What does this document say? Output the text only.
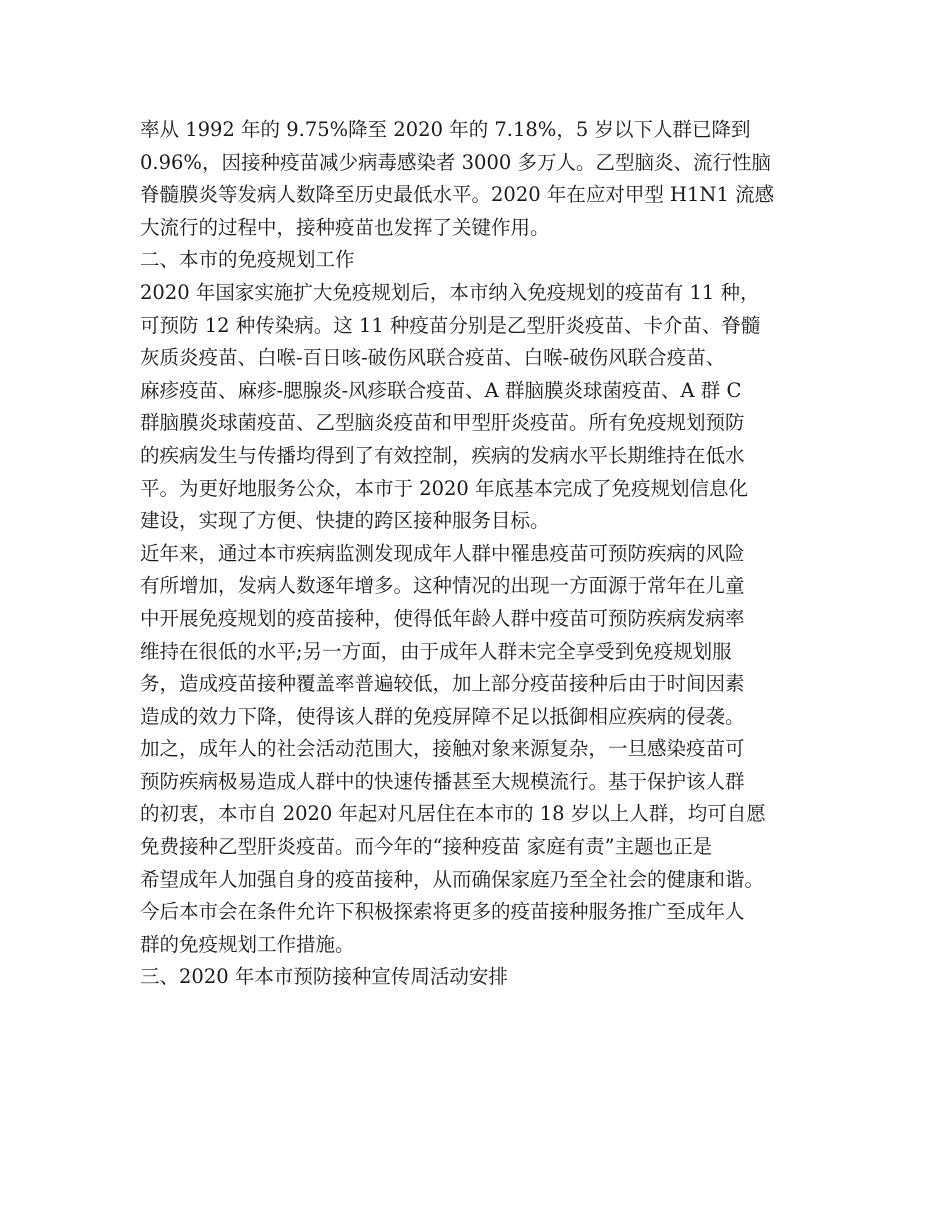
率从 1992 年的 9.75%降至 2020 年的 7.18%，5 岁以下人群已降到
0.96%，因接种疫苗减少病毒感染者 3000 多万人。乙型脑炎、流行性脑
脊髓膜炎等发病人数降至历史最低水平。2020 年在应对甲型 H1N1 流感
大流行的过程中，接种疫苗也发挥了关键作用。
二、本市的免疫规划工作
2020 年国家实施扩大免疫规划后，本市纳入免疫规划的疫苗有 11 种，
可预防 12 种传染病。这 11 种疫苗分别是乙型肝炎疫苗、卡介苗、脊髓
灰质炎疫苗、白喉-百日咳-破伤风联合疫苗、白喉-破伤风联合疫苗、
麻疹疫苗、麻疹-腮腺炎-风疹联合疫苗、A 群脑膜炎球菌疫苗、A 群 C
群脑膜炎球菌疫苗、乙型脑炎疫苗和甲型肝炎疫苗。所有免疫规划预防
的疾病发生与传播均得到了有效控制，疾病的发病水平长期维持在低水
平。为更好地服务公众，本市于 2020 年底基本完成了免疫规划信息化
建设，实现了方便、快捷的跨区接种服务目标。
近年来，通过本市疾病监测发现成年人群中罹患疫苗可预防疾病的风险
有所增加，发病人数逐年增多。这种情况的出现一方面源于常年在儿童
中开展免疫规划的疫苗接种，使得低年龄人群中疫苗可预防疾病发病率
维持在很低的水平;另一方面，由于成年人群未完全享受到免疫规划服
务，造成疫苗接种覆盖率普遍较低，加上部分疫苗接种后由于时间因素
造成的效力下降，使得该人群的免疫屏障不足以抵御相应疾病的侵袭。
加之，成年人的社会活动范围大，接触对象来源复杂，一旦感染疫苗可
预防疾病极易造成人群中的快速传播甚至大规模流行。基于保护该人群
的初衷，本市自 2020 年起对凡居住在本市的 18 岁以上人群，均可自愿
免费接种乙型肝炎疫苗。而今年的“接种疫苗 家庭有责”主题也正是
希望成年人加强自身的疫苗接种，从而确保家庭乃至全社会的健康和谐。
今后本市会在条件允许下积极探索将更多的疫苗接种服务推广至成年人
群的免疫规划工作措施。
三、2020 年本市预防接种宣传周活动安排
